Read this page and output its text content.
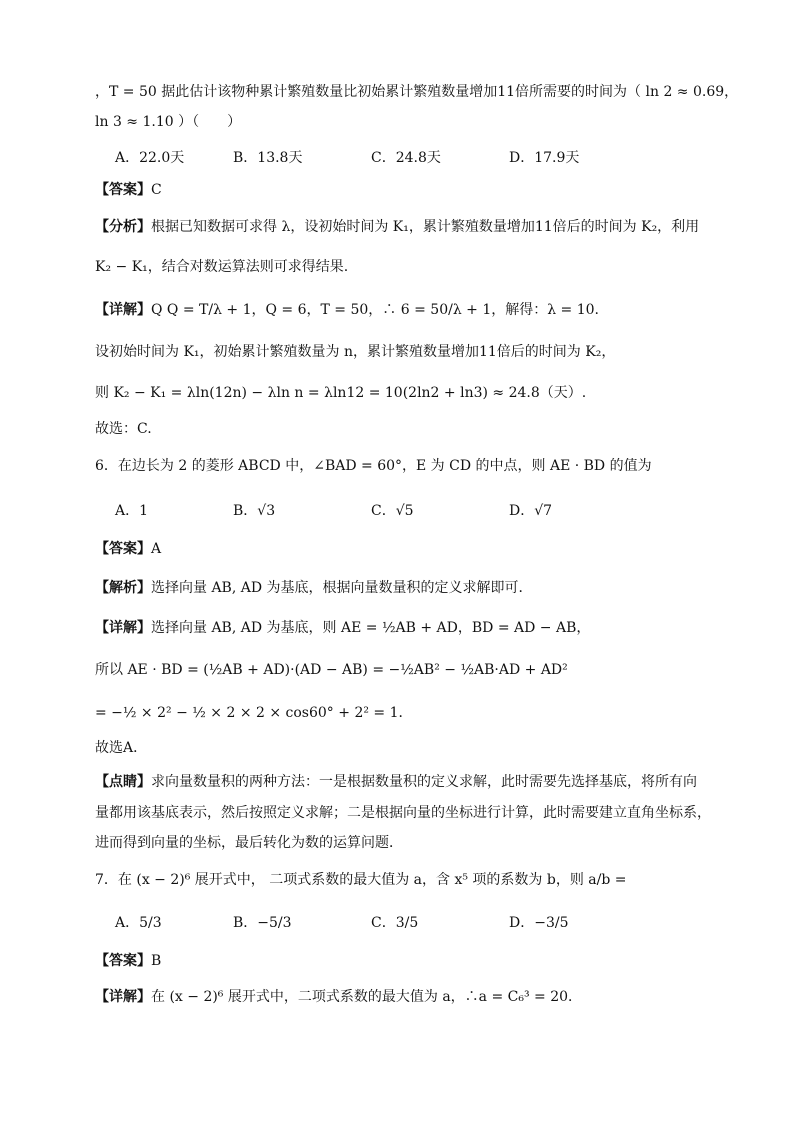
，T = 50 据此估计该物种累计繁殖数量比初始累计繁殖数量增加11倍所需要的时间为（ ln 2 ≈ 0.69，
ln 3 ≈ 1.10 ）（　　）
A．22.0天	B．13.8天	C．24.8天	D．17.9天
【答案】C
【分析】根据已知数据可求得 λ，设初始时间为 K₁，累计繁殖数量增加11倍后的时间为 K₂，利用
K₂ − K₁，结合对数运算法则可求得结果.
【详解】Q Q = T/λ + 1，Q = 6，T = 50，∴ 6 = 50/λ + 1，解得：λ = 10.
设初始时间为 K₁，初始累计繁殖数量为 n，累计繁殖数量增加11倍后的时间为 K₂，
则 K₂ − K₁ = λln(12n) − λln n = λln12 = 10(2ln2 + ln3) ≈ 24.8（天）.
故选：C.
6．在边长为 2 的菱形 ABCD 中，∠BAD = 60°，E 为 CD 的中点，则 AE · BD 的值为
A．1	B．√3	C．√5	D．√7
【答案】A
【解析】选择向量 AB, AD 为基底，根据向量数量积的定义求解即可．
【详解】选择向量 AB, AD 为基底，则 AE = ½AB + AD，BD = AD − AB，
所以 AE · BD = (½AB + AD)·(AD − AB) = −½AB² − ½AB·AD + AD²
= −½ × 2² − ½ × 2 × 2 × cos60° + 2² = 1．
故选A．
【点睛】求向量数量积的两种方法：一是根据数量积的定义求解，此时需要先选择基底，将所有向
量都用该基底表示，然后按照定义求解；二是根据向量的坐标进行计算，此时需要建立直角坐标系，
进而得到向量的坐标，最后转化为数的运算问题．
7．在 (x − 2)⁶ 展开式中， 二项式系数的最大值为 a，含 x⁵ 项的系数为 b，则 a/b =
A．5/3	B．−5/3	C．3/5	D．−3/5
【答案】B
【详解】在 (x − 2)⁶ 展开式中，二项式系数的最大值为 a，∴a = C₆³ = 20．
